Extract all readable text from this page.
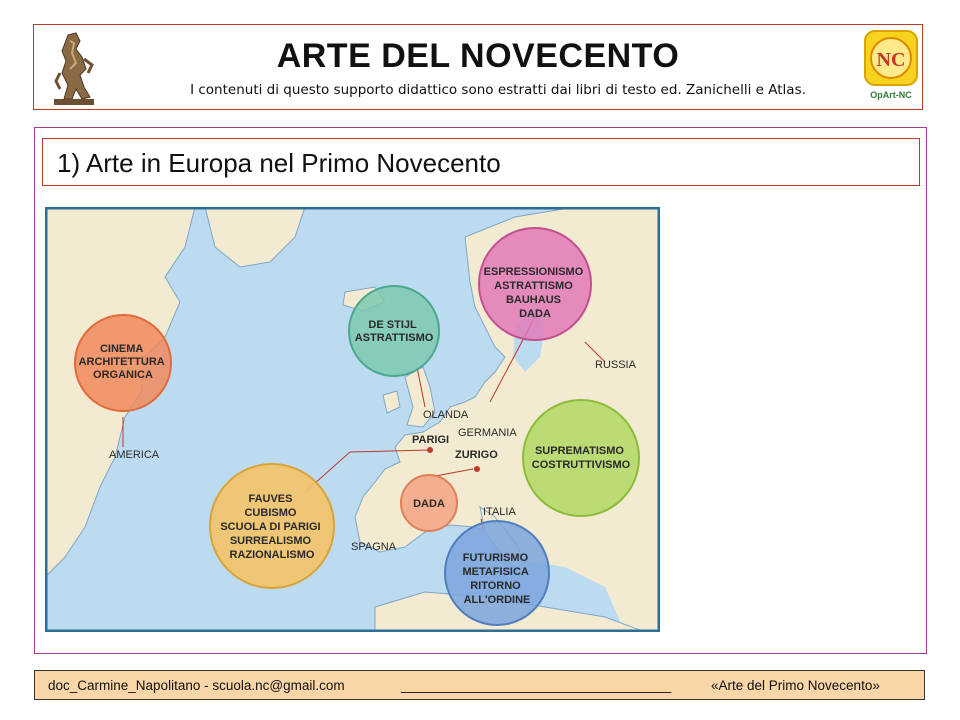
ARTE DEL NOVECENTO
I contenuti di questo supporto didattico sono estratti dai libri di testo ed. Zanichelli e Atlas.
NC
OpArt-NC
1) Arte in Europa nel Primo Novecento
CINEMA ARCHITETTURA ORGANICA
DE STIJL ASTRATTISMO
ESPRESSIONISMO ASTRATTISMO BAUHAUS DADA
SUPREMATISMO COSTRUTTIVISMO
FAUVES CUBISMO SCUOLA DI PARIGI SURREALISMO RAZIONALISMO
DADA
FUTURISMO METAFISICA RITORNO ALL'ORDINE
AMERICA
RUSSIA
OLANDA
GERMANIA
PARIGI
ZURIGO
SPAGNA
ITALIA
doc_Carmine_Napolitano - scuola.nc@gmail.com	____________________________________	«Arte del Primo Novecento»
